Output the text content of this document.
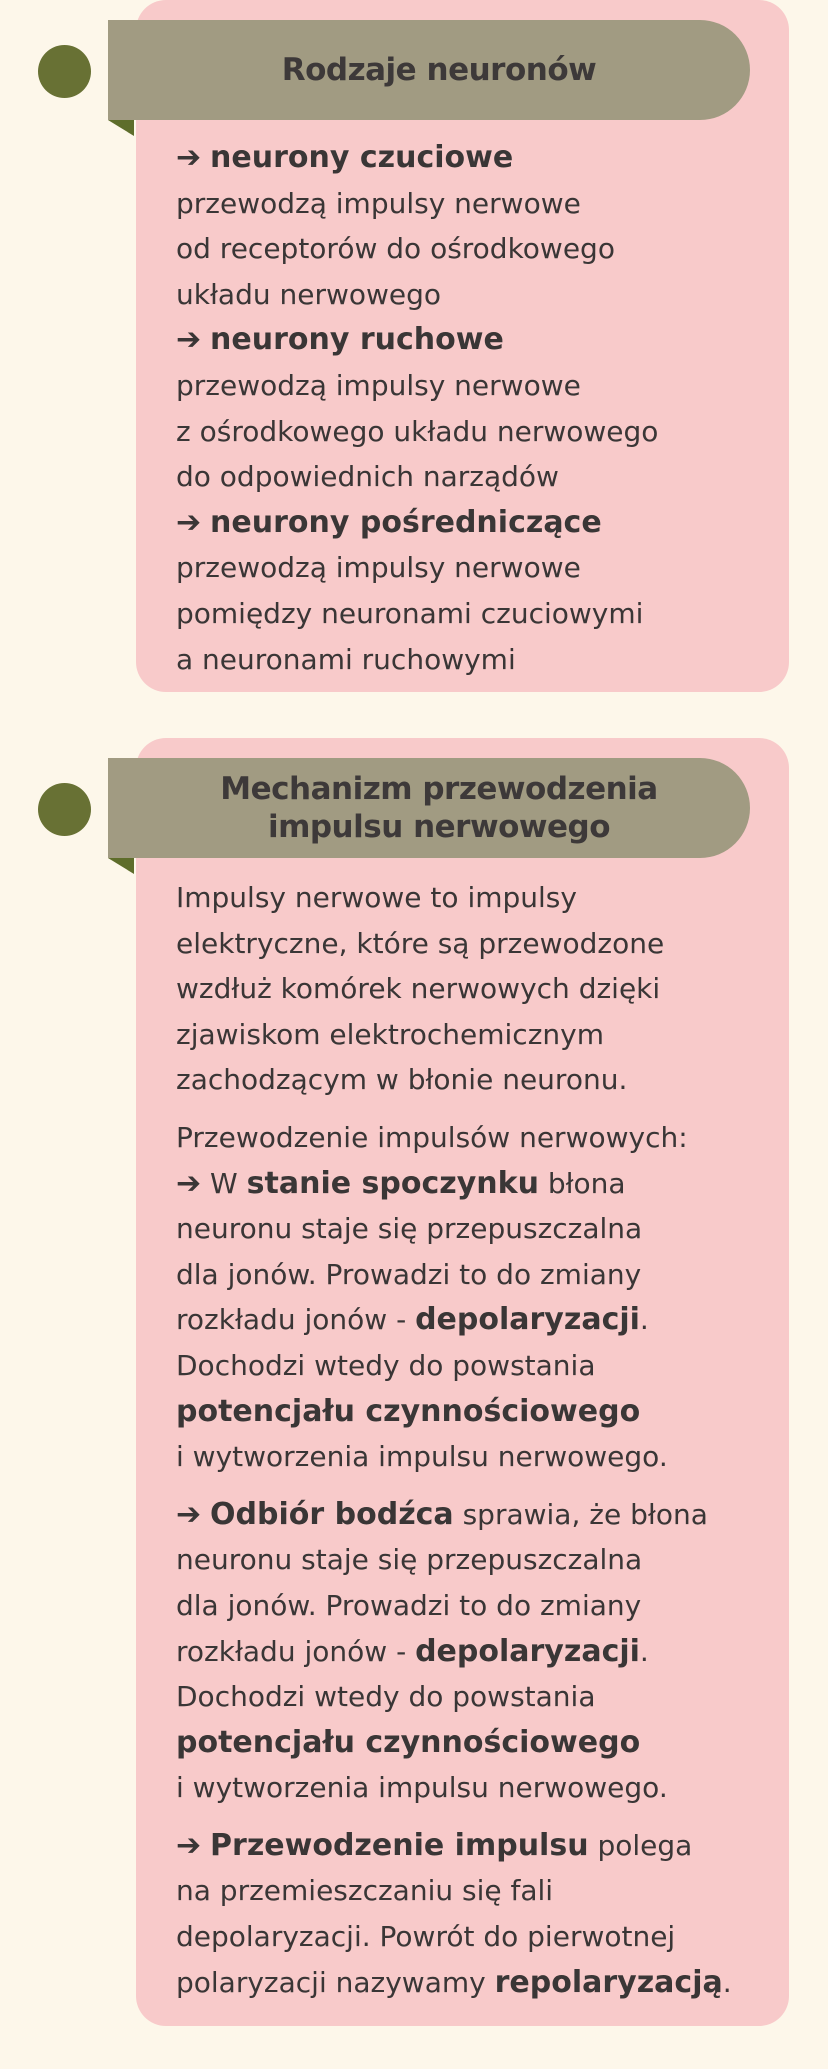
Rodzaje neuronów
➔ neurony czuciowe
przewodzą impulsy nerwowe
od receptorów do ośrodkowego
układu nerwowego
➔ neurony ruchowe
przewodzą impulsy nerwowe
z ośrodkowego układu nerwowego
do odpowiednich narządów
➔ neurony pośredniczące
przewodzą impulsy nerwowe
pomiędzy neuronami czuciowymi
a neuronami ruchowymi
Mechanizm przewodzenia
impulsu nerwowego
Impulsy nerwowe to impulsy
elektryczne, które są przewodzone
wzdłuż komórek nerwowych dzięki
zjawiskom elektrochemicznym
zachodzącym w błonie neuronu.
Przewodzenie impulsów nerwowych:
➔ W stanie spoczynku błona
neuronu staje się przepuszczalna
dla jonów. Prowadzi to do zmiany
rozkładu jonów - depolaryzacji.
Dochodzi wtedy do powstania
potencjału czynnościowego
i wytworzenia impulsu nerwowego.
➔ Odbiór bodźca sprawia, że błona
neuronu staje się przepuszczalna
dla jonów. Prowadzi to do zmiany
rozkładu jonów - depolaryzacji.
Dochodzi wtedy do powstania
potencjału czynnościowego
i wytworzenia impulsu nerwowego.
➔ Przewodzenie impulsu polega
na przemieszczaniu się fali
depolaryzacji. Powrót do pierwotnej
polaryzacji nazywamy repolaryzacją.
